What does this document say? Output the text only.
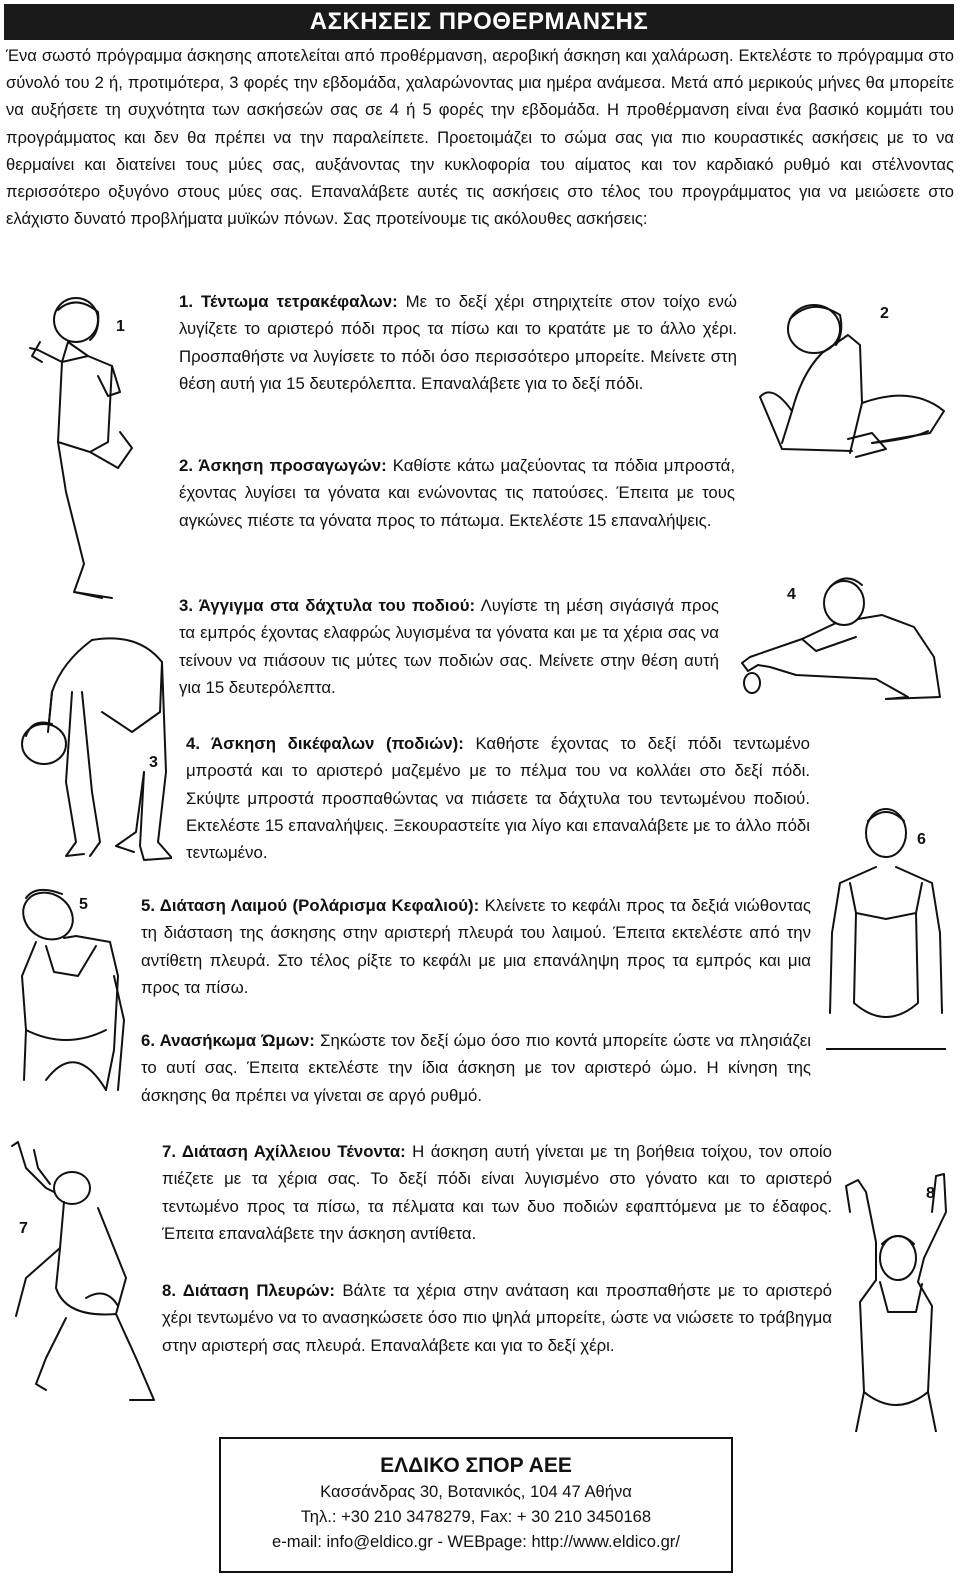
ΑΣΚΗΣΕΙΣ ΠΡΟΘΕΡΜΑΝΣΗΣ
Ένα σωστό πρόγραμμα άσκησης αποτελείται από προθέρμανση, αεροβική άσκηση και χαλάρωση. Εκτελέστε το πρόγραμμα στο σύνολό του 2 ή, προτιμότερα, 3 φορές την εβδομάδα, χαλαρώνοντας μια ημέρα ανάμεσα. Μετά από μερικούς μήνες θα μπορείτε να αυξήσετε τη συχνότητα των ασκήσεών σας σε 4 ή 5 φορές την εβδομάδα. Η προθέρμανση είναι ένα βασικό κομμάτι του προγράμματος και δεν θα πρέπει να την παραλείπετε. Προετοιμάζει το σώμα σας για πιο κουραστικές ασκήσεις με το να θερμαίνει και διατείνει τους μύες σας, αυξάνοντας την κυκλοφορία του αίματος και τον καρδιακό ρυθμό και στέλνοντας περισσότερο οξυγόνο στους μύες σας. Επαναλάβετε αυτές τις ασκήσεις στο τέλος του προγράμματος για να μειώσετε στο ελάχιστο δυνατό προβλήματα μυϊκών πόνων. Σας προτείνουμε τις ακόλουθες ασκήσεις:
1. Τέντωμα τετρακέφαλων: Με το δεξί χέρι στηριχτείτε στον τοίχο ενώ λυγίζετε το αριστερό πόδι προς τα πίσω και το κρατάτε με το άλλο χέρι. Προσπαθήστε να λυγίσετε το πόδι όσο περισσότερο μπορείτε. Μείνετε στη θέση αυτή για 15 δευτερόλεπτα. Επαναλάβετε για το δεξί πόδι.
2. Άσκηση προσαγωγών: Καθίστε κάτω μαζεύοντας τα πόδια μπροστά, έχοντας λυγίσει τα γόνατα και ενώνοντας τις πατούσες. Έπειτα με τους αγκώνες πιέστε τα γόνατα προς το πάτωμα. Εκτελέστε 15 επαναλήψεις.
3. Άγγιγμα στα δάχτυλα του ποδιού: Λυγίστε τη μέση σιγάσιγά προς τα εμπρός έχοντας ελαφρώς λυγισμένα τα γόνατα και με τα χέρια σας να τείνουν να πιάσουν τις μύτες των ποδιών σας. Μείνετε στην θέση αυτή για 15 δευτερόλεπτα.
4. Άσκηση δικέφαλων (ποδιών): Καθήστε έχοντας το δεξί πόδι τεντωμένο μπροστά και το αριστερό μαζεμένο με το πέλμα του να κολλάει στο δεξί πόδι. Σκύψτε μπροστά προσπαθώντας να πιάσετε τα δάχτυλα του τεντωμένου ποδιού. Εκτελέστε 15 επαναλήψεις. Ξεκουραστείτε για λίγο και επαναλάβετε με το άλλο πόδι τεντωμένο.
5. Διάταση Λαιμού (Ρολάρισμα Κεφαλιού): Κλείνετε το κεφάλι προς τα δεξιά νιώθοντας τη διάσταση της άσκησης στην αριστερή πλευρά του λαιμού. Έπειτα εκτελέστε από την αντίθετη πλευρά. Στο τέλος ρίξτε το κεφάλι με μια επανάληψη προς τα εμπρός και μια προς τα πίσω.
6. Ανασήκωμα Ώμων: Σηκώστε τον δεξί ώμο όσο πιο κοντά μπορείτε ώστε να πλησιάζει το αυτί σας. Έπειτα εκτελέστε την ίδια άσκηση με τον αριστερό ώμο. Η κίνηση της άσκησης θα πρέπει να γίνεται σε αργό ρυθμό.
7. Διάταση Αχίλλειου Τένοντα: Η άσκηση αυτή γίνεται με τη βοήθεια τοίχου, τον οποίο πιέζετε με τα χέρια σας. Το δεξί πόδι είναι λυγισμένο στο γόνατο και το αριστερό τεντωμένο προς τα πίσω, τα πέλματα και των δυο ποδιών εφαπτόμενα με το έδαφος. Έπειτα επαναλάβετε την άσκηση αντίθετα.
8. Διάταση Πλευρών: Βάλτε τα χέρια στην ανάταση και προσπαθήστε με το αριστερό χέρι τεντωμένο να το ανασηκώσετε όσο πιο ψηλά μπορείτε, ώστε να νιώσετε το τράβηγμα στην αριστερή σας πλευρά. Επαναλάβετε και για το δεξί χέρι.
1
2
3
4
5
6
7
8
ΕΛΔΙΚΟ ΣΠΟΡ ΑΕΕ
Κασσάνδρας 30, Βοτανικός, 104 47 Αθήνα
Τηλ.: +30 210 3478279, Fax: + 30 210 3450168
e-mail: info@eldico.gr - WEBpage: http://www.eldico.gr/
